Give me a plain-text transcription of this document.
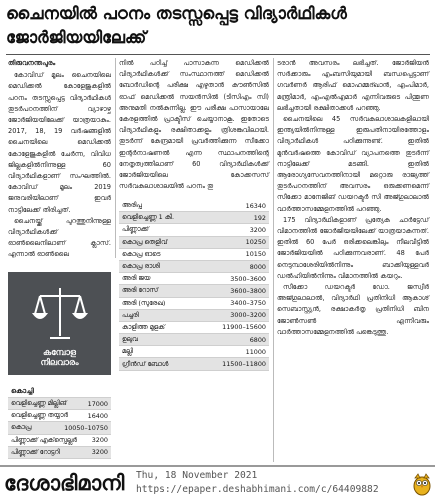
ചൈനയിൽ പഠനം തടസ്സപ്പെട്ട വിദ്യാർഥികൾ
ജോർജിയയിലേക്ക്

തിരുവനന്തപുരം

കോവിഡ് മൂലം ചൈനയിലെ മെഡിക്കൽ കോളേജുകളിൽ പഠനം തടസ്സപ്പെട്ട വിദ്യാർഥികൾ തുടർപഠനത്തിന് വ്യാഴാഴ്ച ജോർജിയയിലേക്ക് യാത്രയാകും. 2017, 18, 19 വർഷങ്ങളിൽ ചൈനയിലെ മെഡിക്കൽ കോളേജുകളിൽ ചേർന്ന, വിവിധ ജില്ലകളിൽനിന്നുള്ള 60 വിദ്യാർഥികളാണ് സംഘത്തിൽ. കോവിഡ് മൂലം 2019 ജനുവരിയിലാണ് ഇവർ നാട്ടിലേക്ക് തിരിച്ചത്.

ചൈനയ്ക്ക് പുറത്തുനിന്നുള്ള വിദ്യാർഥികൾക്ക് ഓൺലൈനിലാണ് ക്ലാസ്. എന്നാൽ ഓൺലൈ

നിൽ പഠിച്ച് പാസാകുന്ന മെഡിക്കൽ വിദ്യാർഥികൾക്ക് സംസ്ഥാനത്ത് മെഡിക്കൽ ബോർഡിന്റെ പരീക്ഷ എഴുതാൻ കൗൺസിൽ ഓഫ് മെഡിക്കൽ സയൻസിൽ (ടിസിഎം സി) അനുമതി നൽകുന്നില്ല. ഈ പരീക്ഷ പാസായാലേ കേരളത്തിൽ പ്രാക്ടീസ് ചെയ്യാനാകൂ. ഇതോടെ വിദ്യാർഥികളും രക്ഷിതാക്കളും ത്രിശങ്കുവിലായി. തുടർന്ന് കേന്ദ്രമായി പ്രവർത്തിക്കുന്ന സീക്കോ ഇന്റർനാഷണൽ എന്ന സ്ഥാപനത്തിന്റെ നേതൃത്വത്തിലാണ് 60 വിദ്യാർഥികൾക്ക് ജോർജിയയിലെ കോക്കസസ് സർവകലാശാലയിൽ പഠനം തു

ടരാൻ അവസരം ലഭിച്ചത്. ജോർജിയൻ സർക്കാരും എംബസിയുമായി ബന്ധപ്പെട്ടാണ് ഗവർണർ ആരിഫ് മൊഹമ്മദ്ഖാൻ, എംപിമാർ, മന്ത്രിമാർ, എംഎൽഎമാർ എന്നിവരുടെ പിന്തുണ ലഭിച്ചതായി രക്ഷിതാക്കൾ പറഞ്ഞു.

ചൈനയിലെ 45 സർവകലാശാലകളിലായി ഇന്ത്യയിൽനിന്നുള്ള ഇരുപതിനായിരത്തോളം വിദ്യാർഥികൾ പഠിക്കുന്നുണ്ട്. ഇതിൽ മുൻവർഷത്തെ കോവിഡ് വ്യാപനത്തെ തുടർന്ന് നാട്ടിലേക്ക് മടങ്ങി. ഇതിൽ ആരോഗ്യസേവനത്തിനായി മറ്റൊരു രാജ്യത്ത് തുടർപഠനത്തിന് അവസരം ഒരുക്കണമെന്ന് സീക്കോ മാനേജിങ് ഡയറക്ടർ സി അജ്ഗുലാലാൽ വാർത്താസമ്മേളനത്തിൽ പറഞ്ഞു.

175 വിദ്യാർഥികളാണ് പ്രത്യേക ചാർട്ടേഡ് വിമാനത്തിൽ ജോർജിയയിലേക്ക് യാത്രയാകുന്നത്. ഇതിൽ 60 പേർ ഒരിക്കലെങ്കിലും നീലവീട്ടിൽ ജോർജിയയിൽ പഠിക്കുന്നവരാണ്. 48 പേർ നെടുമ്പാശേരിയിൽനിന്നും ബാക്കിയുള്ളവർ ഡൽഹിയിൽനിന്നും വിമാനത്തിൽ കയറും.

സീക്കോ ഡയറക്ടർ ഡോ. ജസ്വീർ അജ്ഗുലാലാൽ, വിദ്യാർഥി പ്രതിനിധി ആകാശ് സെബാസ്റ്റ്യൻ, രക്ഷാകർതൃ പ്രതിനിധി ബിന ജോൺസൺ എന്നിവരും വാർത്താസമ്മേളനത്തിൽ പങ്കെടുത്തു.

കമ്പോള
നിലവാരം
അരിപ്പ	16340
വെളിച്ചെണ്ണ 1 കി.	192
പിണ്ണാക്ക്	3200
കൊപ്ര തെളിവ്	10250
കൊപ്ര ഓടെ	10150
കൊപ്ര രാശി	8000
അരി ജയ	3500–3600
അരി റോസ്	3600–3800
അരി (സുരേഖ)	3400–3750
പച്ചരി	3000–3200
കാളിത്ത മുളക്	11900–15600
ഉലുവ	6800
മല്ലി	11000
ഗ്രീൻഡ് ബോൾ	11500–11800
കൊച്ചി
വെളിച്ചെണ്ണ മില്ലിങ്	17000
വെളിച്ചെണ്ണ തയ്യാർ	16400
കൊപ്ര	10050–10750
പിണ്ണാക്ക് എക്‌സ്പെല്ലർ	3200
പിണ്ണാക്ക് റോട്ടറി	3200
ദേശാഭിമാനി	Thu, 18 November 2021
https://epaper.deshabhimani.com/c/64409882
